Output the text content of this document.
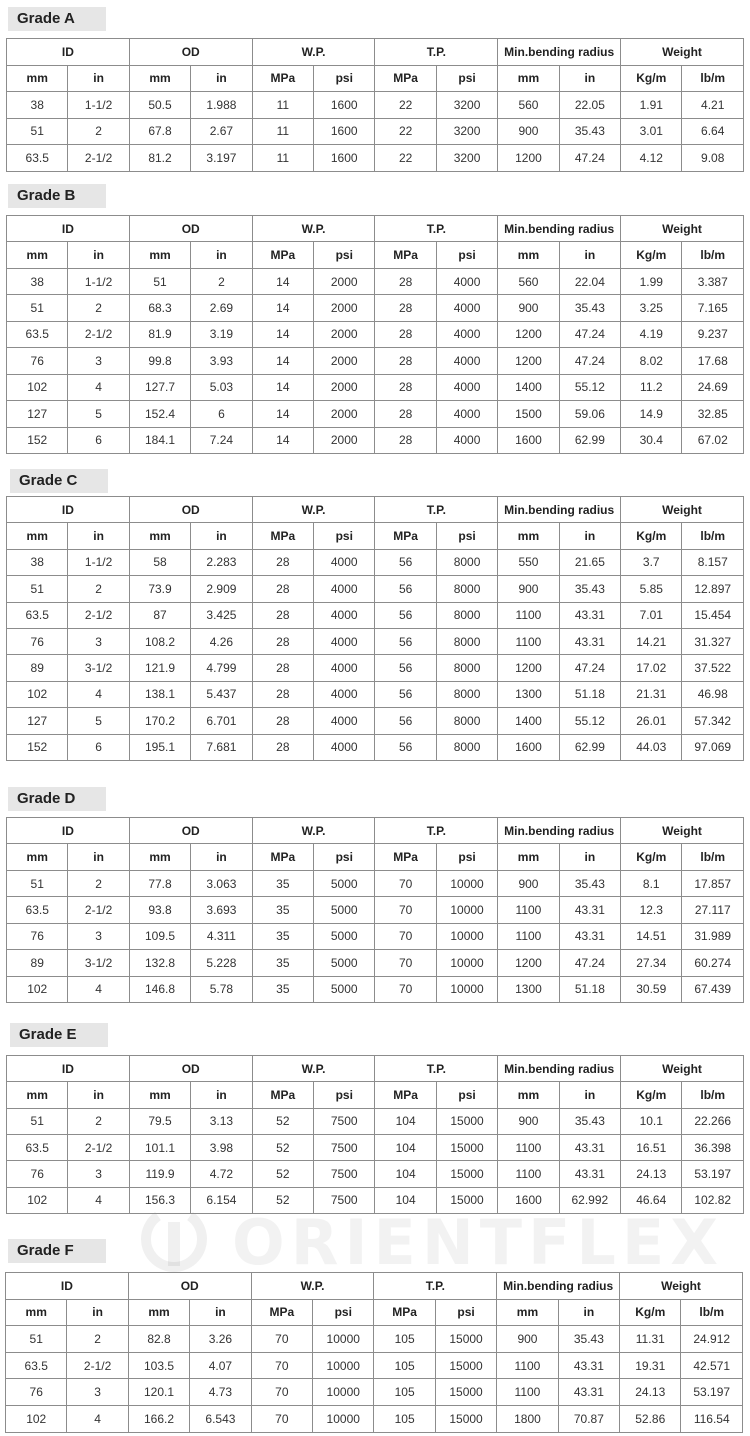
ORIENTFLEX
Grade A
ID		OD		W.P.		T.P.		Min.bending radius		Weight	
mm	in	mm	in	MPa	psi	MPa	psi	mm	in	Kg/m	lb/m
38	1-1/2	50.5	1.988	11	1600	22	3200	560	22.05	1.91	4.21
51	2	67.8	2.67	11	1600	22	3200	900	35.43	3.01	6.64
63.5	2-1/2	81.2	3.197	11	1600	22	3200	1200	47.24	4.12	9.08
Grade B
ID		OD		W.P.		T.P.		Min.bending radius		Weight	
mm	in	mm	in	MPa	psi	MPa	psi	mm	in	Kg/m	lb/m
38	1-1/2	51	2	14	2000	28	4000	560	22.04	1.99	3.387
51	2	68.3	2.69	14	2000	28	4000	900	35.43	3.25	7.165
63.5	2-1/2	81.9	3.19	14	2000	28	4000	1200	47.24	4.19	9.237
76	3	99.8	3.93	14	2000	28	4000	1200	47.24	8.02	17.68
102	4	127.7	5.03	14	2000	28	4000	1400	55.12	11.2	24.69
127	5	152.4	6	14	2000	28	4000	1500	59.06	14.9	32.85
152	6	184.1	7.24	14	2000	28	4000	1600	62.99	30.4	67.02
Grade C
ID		OD		W.P.		T.P.		Min.bending radius		Weight	
mm	in	mm	in	MPa	psi	MPa	psi	mm	in	Kg/m	lb/m
38	1-1/2	58	2.283	28	4000	56	8000	550	21.65	3.7	8.157
51	2	73.9	2.909	28	4000	56	8000	900	35.43	5.85	12.897
63.5	2-1/2	87	3.425	28	4000	56	8000	1100	43.31	7.01	15.454
76	3	108.2	4.26	28	4000	56	8000	1100	43.31	14.21	31.327
89	3-1/2	121.9	4.799	28	4000	56	8000	1200	47.24	17.02	37.522
102	4	138.1	5.437	28	4000	56	8000	1300	51.18	21.31	46.98
127	5	170.2	6.701	28	4000	56	8000	1400	55.12	26.01	57.342
152	6	195.1	7.681	28	4000	56	8000	1600	62.99	44.03	97.069
Grade D
ID		OD		W.P.		T.P.		Min.bending radius		Weight	
mm	in	mm	in	MPa	psi	MPa	psi	mm	in	Kg/m	lb/m
51	2	77.8	3.063	35	5000	70	10000	900	35.43	8.1	17.857
63.5	2-1/2	93.8	3.693	35	5000	70	10000	1100	43.31	12.3	27.117
76	3	109.5	4.311	35	5000	70	10000	1100	43.31	14.51	31.989
89	3-1/2	132.8	5.228	35	5000	70	10000	1200	47.24	27.34	60.274
102	4	146.8	5.78	35	5000	70	10000	1300	51.18	30.59	67.439
Grade E
ID		OD		W.P.		T.P.		Min.bending radius		Weight	
mm	in	mm	in	MPa	psi	MPa	psi	mm	in	Kg/m	lb/m
51	2	79.5	3.13	52	7500	104	15000	900	35.43	10.1	22.266
63.5	2-1/2	101.1	3.98	52	7500	104	15000	1100	43.31	16.51	36.398
76	3	119.9	4.72	52	7500	104	15000	1100	43.31	24.13	53.197
102	4	156.3	6.154	52	7500	104	15000	1600	62.992	46.64	102.82
Grade F
ID		OD		W.P.		T.P.		Min.bending radius		Weight	
mm	in	mm	in	MPa	psi	MPa	psi	mm	in	Kg/m	lb/m
51	2	82.8	3.26	70	10000	105	15000	900	35.43	11.31	24.912
63.5	2-1/2	103.5	4.07	70	10000	105	15000	1100	43.31	19.31	42.571
76	3	120.1	4.73	70	10000	105	15000	1100	43.31	24.13	53.197
102	4	166.2	6.543	70	10000	105	15000	1800	70.87	52.86	116.54
